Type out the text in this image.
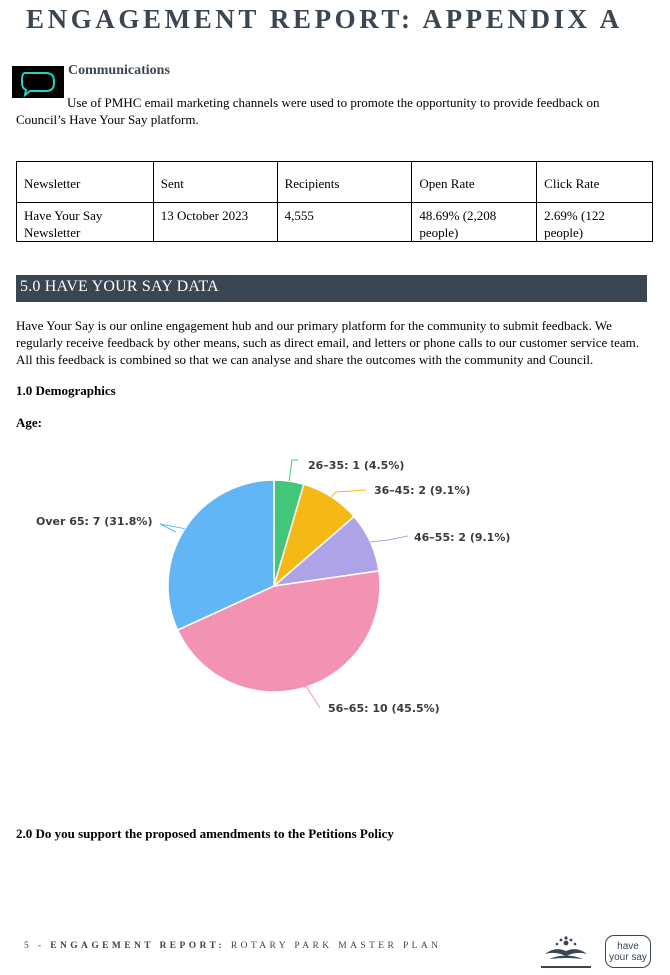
ENGAGEMENT REPORT: APPENDIX A
Communications
Use of PMHC email marketing channels were used to promote the opportunity to provide feedback on Council’s Have Your Say platform.
Newsletter	Sent	Recipients	Open Rate	Click Rate
Have Your Say Newsletter	13 October 2023	4,555	48.69% (2,208 people)	2.69% (122 people)
5.0 HAVE YOUR SAY DATA
Have Your Say is our online engagement hub and our primary platform for the community to submit feedback. We regularly receive feedback by other means, such as direct email, and letters or phone calls to our customer service team. All this feedback is combined so that we can analyse and share the outcomes with the community and Council.
1.0 Demographics
Age:
26–35: 1 (4.5%)
36–45: 2 (9.1%)
46–55: 2 (9.1%)
56–65: 10 (45.5%)
Over 65: 7 (31.8%)
2.0 Do you support the proposed amendments to the Petitions Policy
5 - ENGAGEMENT REPORT: ROTARY PARK MASTER PLAN	have
your say
